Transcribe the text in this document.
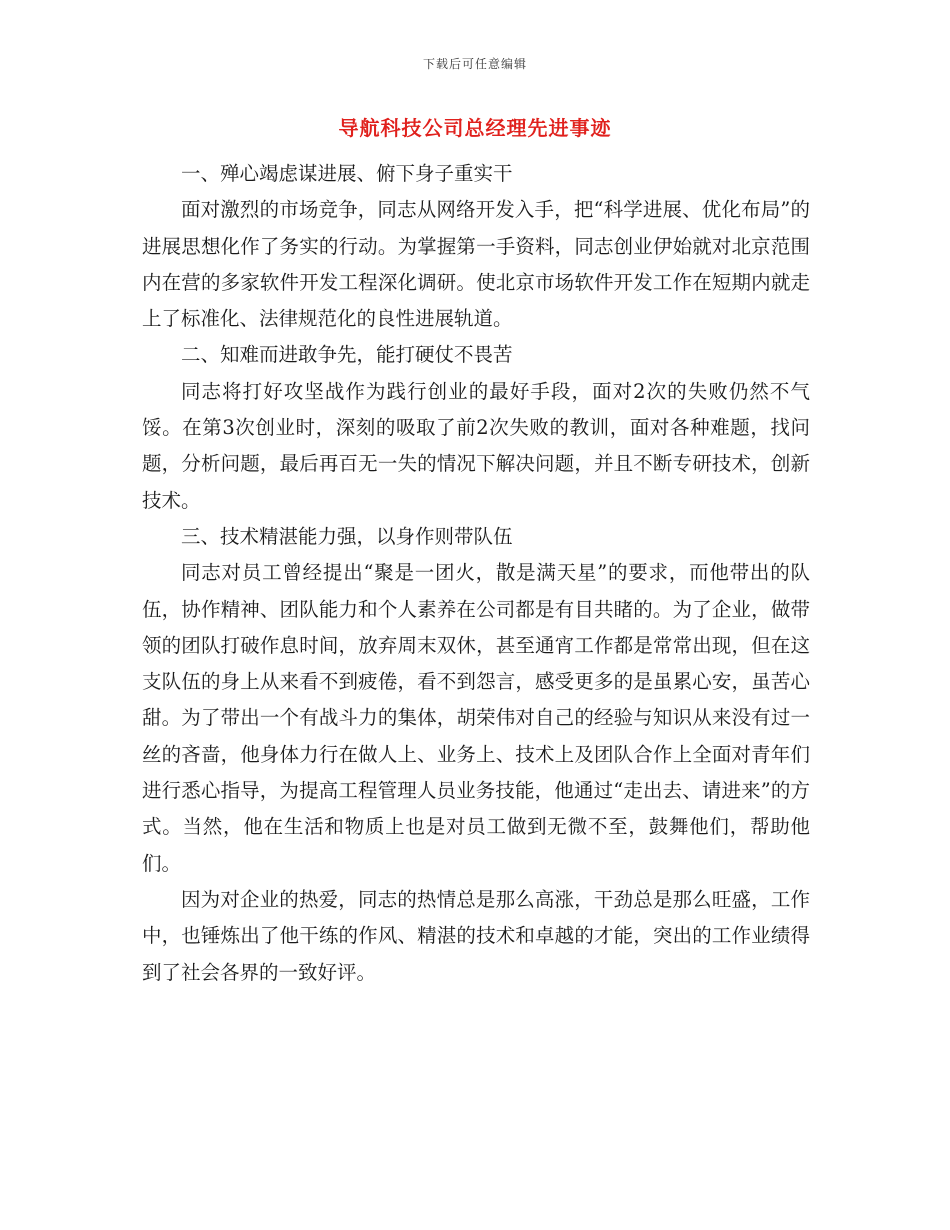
下载后可任意编辑
导航科技公司总经理先进事迹

一、殚心竭虑谋进展、俯下身子重实干

面对激烈的市场竞争，同志从网络开发入手，把“科学进展、优化布局”的进展思想化作了务实的行动。为掌握第一手资料，同志创业伊始就对北京范围内在营的多家软件开发工程深化调研。使北京市场软件开发工作在短期内就走上了标准化、法律规范化的良性进展轨道。

二、知难而进敢争先，能打硬仗不畏苦

同志将打好攻坚战作为践行创业的最好手段，面对2次的失败仍然不气馁。在第3次创业时，深刻的吸取了前2次失败的教训，面对各种难题，找问题，分析问题，最后再百无一失的情况下解决问题，并且不断专研技术，创新技术。

三、技术精湛能力强，以身作则带队伍

同志对员工曾经提出“聚是一团火，散是满天星”的要求，而他带出的队伍，协作精神、团队能力和个人素养在公司都是有目共睹的。为了企业，做带领的团队打破作息时间，放弃周末双休，甚至通宵工作都是常常出现，但在这支队伍的身上从来看不到疲倦，看不到怨言，感受更多的是虽累心安，虽苦心甜。为了带出一个有战斗力的集体，胡荣伟对自己的经验与知识从来没有过一丝的吝啬，他身体力行在做人上、业务上、技术上及团队合作上全面对青年们进行悉心指导，为提高工程管理人员业务技能，他通过“走出去、请进来”的方式。当然，他在生活和物质上也是对员工做到无微不至，鼓舞他们，帮助他们。

因为对企业的热爱，同志的热情总是那么高涨，干劲总是那么旺盛，工作中，也锤炼出了他干练的作风、精湛的技术和卓越的才能，突出的工作业绩得到了社会各界的一致好评。
